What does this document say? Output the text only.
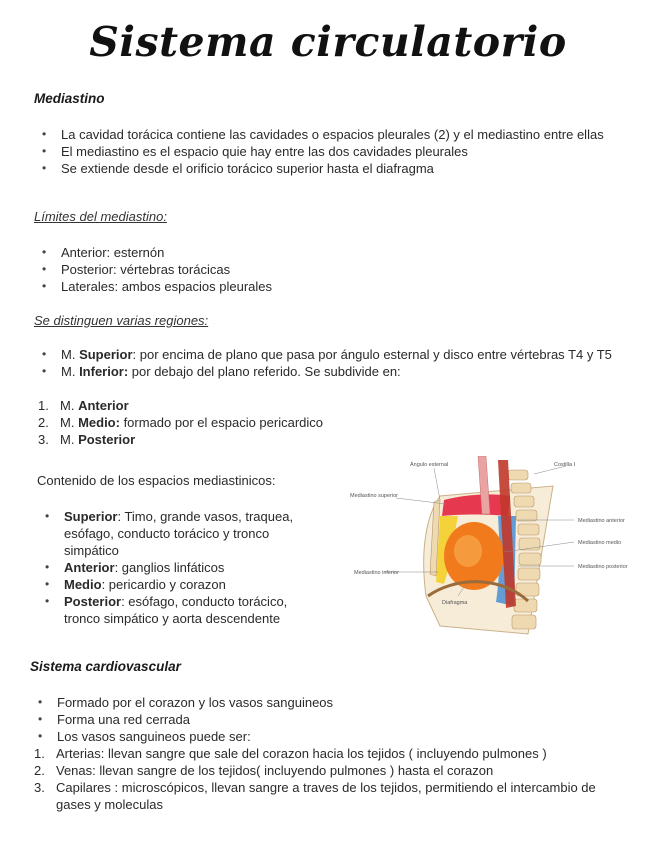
Sistema circulatorio
Mediastino
• La cavidad torácica contiene las cavidades o espacios pleurales (2) y el mediastino entre ellas
• El mediastino es el espacio quie hay entre las dos cavidades pleurales
• Se extiende desde el orificio torácico superior hasta el diafragma
Límites del mediastino:
• Anterior: esternón
• Posterior: vértebras torácicas
• Laterales: ambos espacios pleurales
Se distinguen varias regiones:
• M. Superior: por encima de plano que pasa por ángulo esternal y disco entre vértebras T4 y T5
• M. Inferior: por debajo del plano referido. Se subdivide en:
1. M. Anterior
2. M. Medio: formado por el espacio pericardico
3. M. Posterior
Contenido de los espacios mediastinicos:
• Superior: Timo, grande vasos, traquea, esófago, conducto torácico y tronco simpático
• Anterior: ganglios linfáticos
• Medio: pericardio y corazon
• Posterior: esófago, conducto torácico, tronco simpático y aorta descendente
Ángulo esternal	Costilla I
Mediastino superior
Mediastino anterior
Mediastino medio
Mediastino posterior
Mediastino inferior
Diafragma
Sistema cardiovascular
• Formado por el corazon y los vasos sanguineos
• Forma una red cerrada
• Los vasos sanguineos puede ser:
1. Arterias: llevan sangre que sale del corazon hacia los tejidos ( incluyendo pulmones )
2. Venas: llevan sangre de los tejidos( incluyendo pulmones ) hasta el corazon
3. Capilares : microscópicos, llevan sangre a traves de los tejidos, permitiendo el intercambio de gases y moleculas
